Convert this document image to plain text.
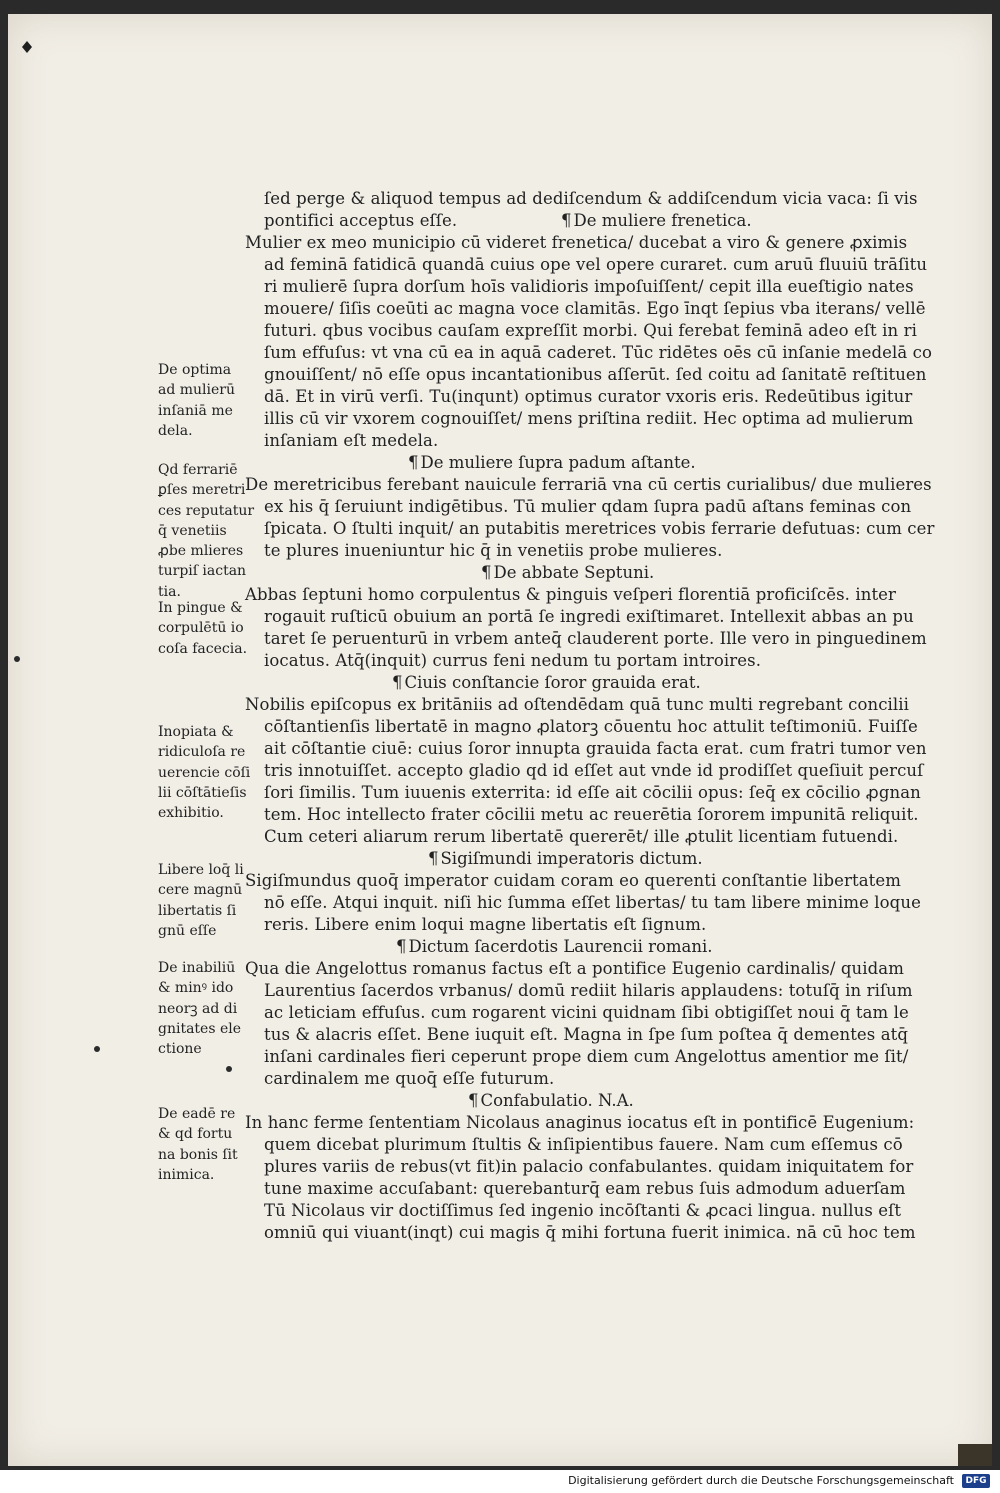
ſed perge & aliquod tempus ad dediſcendum & addiſcendum vicia vaca: ſi vis
pontifici acceptus eſſe.	¶ De muliere frenetica.
Mulier ex meo municipio cū videret frenetica/ ducebat a viro & genere ꝓximis
ad feminā fatidicā quandā cuius ope vel opere curaret. cum aruū fluuiū trāſitu
ri mulierē ſupra dorſum hoīs validioris impoſuiſſent/ cepit illa eueſtigio nates
mouere/ ſiſis coeūti ac magna voce clamitās. Ego īnqt ſepius vba iterans/ vellē
futuri. qbus vocibus cauſam expreſſit morbi. Qui ferebat feminā adeo eſt in ri
ſum effuſus: vt vna cū ea in aquā caderet. Tūc ridētes oēs cū inſanie medelā co
gnouiſſent/ nō eſſe opus incantationibus aſſerūt. ſed coitu ad ſanitatē reſtituen
dā. Et in virū verſi. Tu(inqunt) optimus curator vxoris eris. Redeūtibus igitur
illis cū vir vxorem cognouiſſet/ mens priſtina rediit. Hec optima ad mulierum
inſaniam eſt medela.
¶ De muliere ſupra padum aſtante.
De meretricibus ferebant nauicule ferrariā vna cū certis curialibus/ due mulieres
ex his q̄ ſeruiunt indigētibus. Tū mulier qdam ſupra padū aſtans feminas con
ſpicata. O ſtulti inquit/ an putabitis meretrices vobis ferrarie defutuas: cum cer
te plures inueniuntur hic q̄ in venetiis probe mulieres.
¶ De abbate Septuni.
Abbas ſeptuni homo corpulentus & pinguis veſperi florentiā proficiſcēs. inter
rogauit ruſticū obuium an portā ſe ingredi exiſtimaret. Intellexit abbas an pu
taret ſe peruenturū in vrbem anteq̄ clauderent porte. Ille vero in pinguedinem
iocatus. Atq̄(inquit) currus feni nedum tu portam introires.
¶ Ciuis conſtancie ſoror grauida erat.
Nobilis epiſcopus ex britāniis ad oſtendēdam quā tunc multi regrebant concilii
cōſtantienſis libertatē in magno ꝓlatorꝫ cōuentu hoc attulit teſtimoniū. Fuiſſe
ait cōſtantie ciuē: cuius ſoror innupta grauida facta erat. cum fratri tumor ven
tris innotuiſſet. accepto gladio qd id eſſet aut vnde id prodiſſet queſiuit percuſ
ſori ſimilis. Tum iuuenis exterrita: id eſſe ait cōcilii opus: ſeq̄ ex cōcilio ꝓgnan
tem. Hoc intellecto frater cōcilii metu ac reuerētia ſororem impunitā reliquit.
Cum ceteri aliarum rerum libertatē quererēt/ ille ꝓtulit licentiam futuendi.
¶ Sigiſmundi imperatoris dictum.
Sigiſmundus quoq̄ imperator cuidam coram eo querenti conſtantie libertatem
nō eſſe. Atqui inquit. niſi hic ſumma eſſet libertas/ tu tam libere minime loque
reris. Libere enim loqui magne libertatis eſt ſignum.
¶ Dictum ſacerdotis Laurencii romani.
Qua die Angelottus romanus factus eſt a pontifice Eugenio cardinalis/ quidam
Laurentius ſacerdos vrbanus/ domū rediit hilaris applaudens: totuſq̄ in riſum
ac leticiam effuſus. cum rogarent vicini quidnam ſibi obtigiſſet noui q̄ tam le
tus & alacris eſſet. Bene iuquit eſt. Magna in ſpe ſum poſtea q̄ dementes atq̄
inſani cardinales fieri ceperunt prope diem cum Angelottus amentior me ſit/
cardinalem me quoq̄ eſſe futurum.
¶ Confabulatio. N.A.
In hanc ferme ſententiam Nicolaus anaginus iocatus eſt in pontificē Eugenium:
quem dicebat plurimum ſtultis & inſipientibus fauere. Nam cum eſſemus cō
plures variis de rebus(vt fit)in palacio confabulantes. quidam iniquitatem for
tune maxime accuſabant: querebanturq̄ eam rebus ſuis admodum aduerſam
Tū Nicolaus vir doctiſſimus ſed ingenio incōſtanti & ꝓcaci lingua. nullus eſt
omniū qui viuant(inqt) cui magis q̄ mihi fortuna fuerit inimica. nā cū hoc tem
De optima
ad mulierū
inſaniā me
dela.
Qd ferrariē
ꝑſes meretri
ces reputatur
q̄ venetiis
ꝓbe mlieres
turpiſ iactan
tia.
In pingue &
corpulētū io
coſa facecia.
Inopiata &
ridiculoſa re
uerencie cōſi
lii cōſtātieſis
exhibitio.
Libere loq̄ li
cere magnū
libertatis ſi
gnū eſſe
De inabiliū
& minꝰ ido
neorꝫ ad di
gnitates ele
ctione
De eadē re
& qd fortu
na bonis ſit
inimica.
Digitalisierung gefördert durch die Deutsche Forschungsgemeinschaft	DFG
